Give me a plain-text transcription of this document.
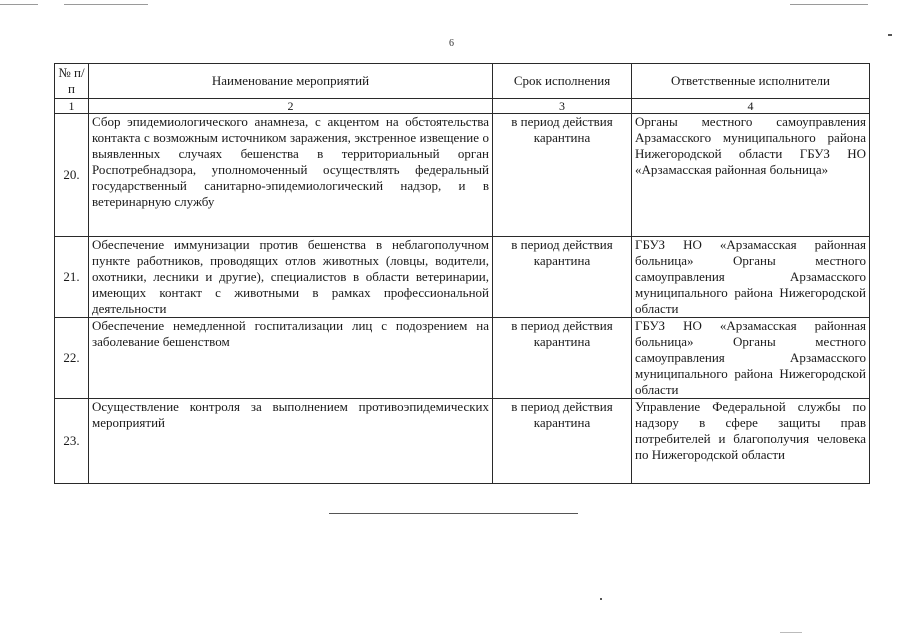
6
№ п/п	Наименование мероприятий	Срок исполнения	Ответственные исполнители
1	2	3	4
20.	Сбор эпидемиологического анамнеза, с акцентом на обстоятельства контакта с возможным источником заражения, экстренное извещение о выявленных случаях бешенства в территориальный орган Роспотребнадзора, уполномоченный осуществлять федеральный государственный санитарно-эпидемиологический надзор, и в ветеринарную службу	в период действия карантина	Органы местного самоуправления Арзамасского муниципального района Нижегородской области ГБУЗ НО «Арзамасская районная больница»
21.	Обеспечение иммунизации против бешенства в неблагополучном пункте работников, проводящих отлов животных (ловцы, водители, охотники, лесники и другие), специалистов в области ветеринарии, имеющих контакт с животными в рамках профессиональной деятельности	в период действия карантина	ГБУЗ НО «Арзамасская районная больница» Органы местного самоуправления Арзамасского муниципального района Нижегородской области
22.	Обеспечение немедленной госпитализации лиц с подозрением на заболевание бешенством	в период действия карантина	ГБУЗ НО «Арзамасская районная больница» Органы местного самоуправления Арзамасского муниципального района Нижегородской области
23.	Осуществление контроля за выполнением противоэпидемических мероприятий	в период действия карантина	Управление Федеральной службы по надзору в сфере защиты прав потребителей и благополучия человека по Нижегородской области
